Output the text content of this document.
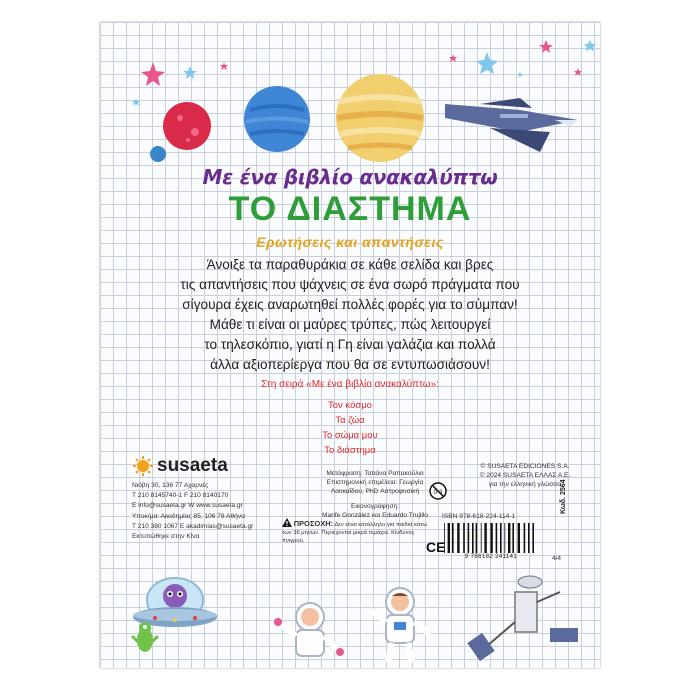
Με ένα βιβλίο ανακαλύπτω
ΤΟ ΔΙΑΣΤΗΜΑ
Ερωτήσεις και απαντήσεις
Άνοιξε τα παραθυράκια σε κάθε σελίδα και βρες
τις απαντήσεις που ψάχνεις σε ένα σωρό πράγματα που
σίγουρα έχεις αναρωτηθεί πολλές φορές για το σύμπαν!
Μάθε τι είναι οι μαύρες τρύπες, πώς λειτουργεί
το τηλεσκόπιο, γιατί η Γη είναι γαλάζια και πολλά
άλλα αξιοπερίεργα που θα σε εντυπωσιάσουν!
Στη σειρά «Με ένα βιβλίο ανακαλύπτω»:
Τον κόσμο
Τα ζώα
Το σώμα μου
Το διάστημα
susaeta
Νιόβη 30, 136 77 Αχαρνές
T 210 8145740-1 F 210 8140170
E info@susaeta.gr W www.susaeta.gr
Υποκ/μα: Ακαδημίας 85, 106 78 Αθήνα
T 210 380 1067 E akadimias@susaeta.gr
Εκτυπώθηκε στην Κίνα
Μετάφραση: Τατιάνα Ραπακούλια
Επιστημονική επιμέλεια: Γεωργία
Λουκαΐδου, PhD Αστροφυσική
Εικονογράφηση:
Marife González και Eduardo Trujillo
ΠΡΟΣΟΧΗ: Δεν είναι κατάλληλο για παιδιά κάτω των 36 μηνών. Περιέχονται μικρά τεμάχια. Κίνδυνος πνιγμού.
0-3
CE
© SUSAETA EDICIONES S.A.
© 2024 SUSAETA ΕΛΛΑΣ Α.Ε.
για την ελληνική γλώσσα
ISBN 978-618-224-114-1
9 786182 241141
Κωδ. 2564
4/4
